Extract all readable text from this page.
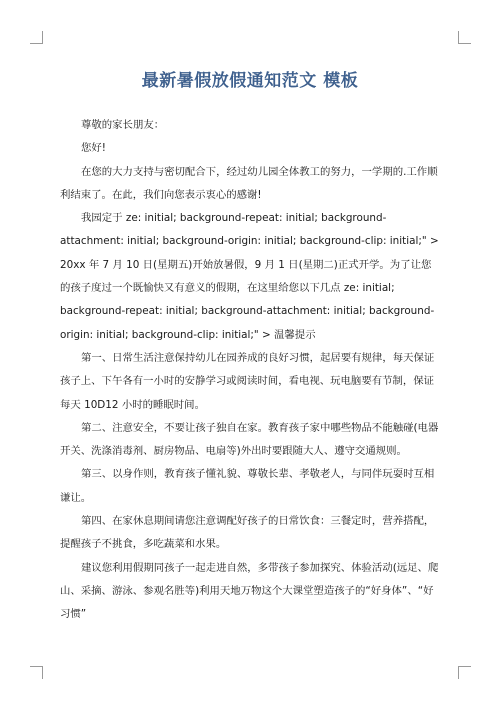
最新暑假放假通知范文 模板

尊敬的家长朋友：

您好!

在您的大力支持与密切配合下，经过幼儿园全体教工的努力，一学期的.工作顺利结束了。在此，我们向您表示衷心的感谢!

我园定于 ze: initial; background-repeat: initial; background-attachment: initial; background-origin: initial; background-clip: initial;" > 20xx 年 7 月 10 日(星期五)开始放暑假，9 月 1 日(星期二)正式开学。为了让您的孩子度过一个既愉快又有意义的假期，在这里给您以下几点 ze: initial; background-repeat: initial; background-attachment: initial; background-origin: initial; background-clip: initial;" > 温馨提示

第一、日常生活注意保持幼儿在园养成的良好习惯，起居要有规律，每天保证孩子上、下午各有一小时的安静学习或阅读时间，看电视、玩电脑要有节制，保证每天 10D12 小时的睡眠时间。

第二、注意安全，不要让孩子独自在家。教育孩子家中哪些物品不能触碰(电器开关、洗涤消毒剂、厨房物品、电扇等)外出时要跟随大人、遵守交通规则。

第三、以身作则，教育孩子懂礼貌、尊敬长辈、孝敬老人，与同伴玩耍时互相谦让。

第四、在家休息期间请您注意调配好孩子的日常饮食：三餐定时，营养搭配，提醒孩子不挑食，多吃蔬菜和水果。

建议您利用假期同孩子一起走进自然，多带孩子参加探究、体验活动(远足、爬山、采摘、游泳、参观名胜等)利用天地万物这个大课堂塑造孩子的“好身体”、“好习惯”
